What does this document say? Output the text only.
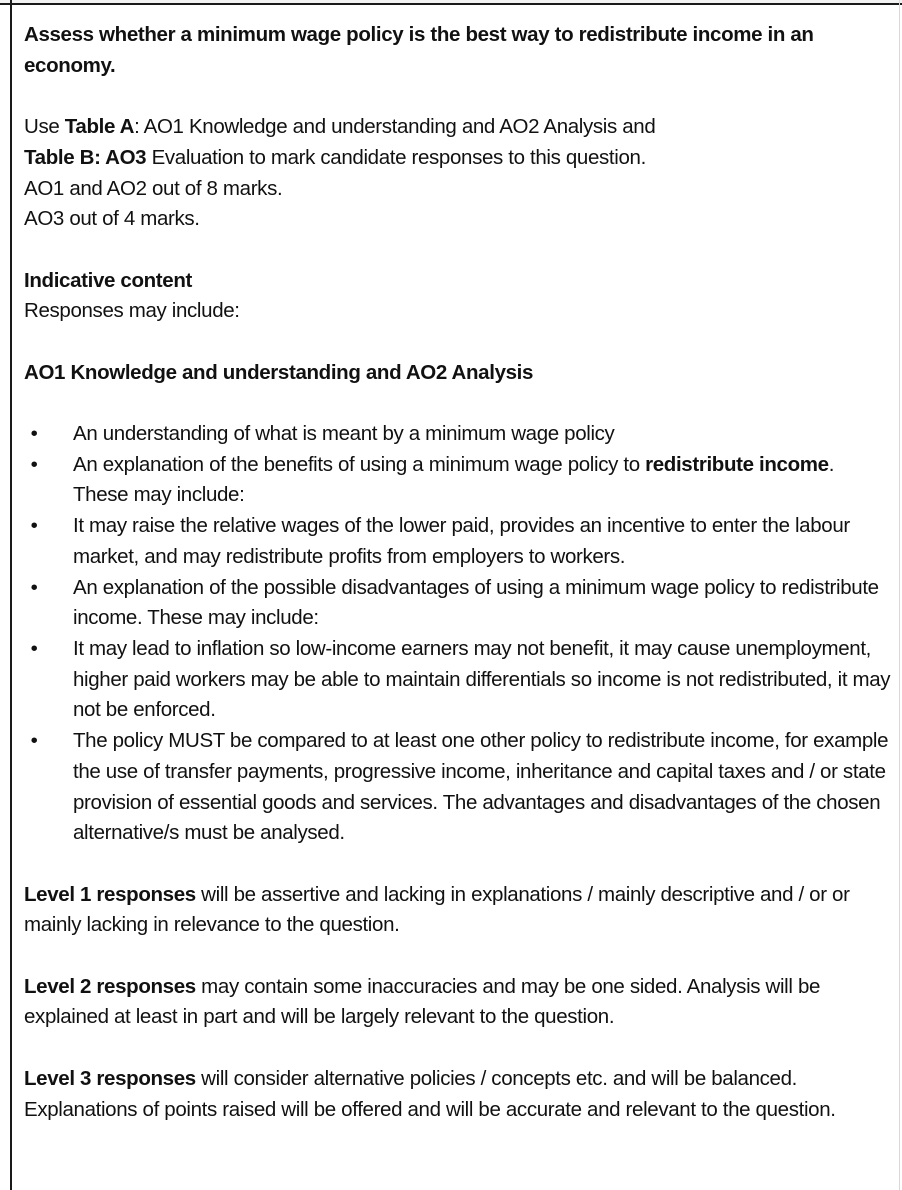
Assess whether a minimum wage policy is the best way to redistribute income in an economy.

Use Table A: AO1 Knowledge and understanding and AO2 Analysis and
Table B: AO3 Evaluation to mark candidate responses to this question.
AO1 and AO2 out of 8 marks.
AO3 out of 4 marks.

Indicative content

Responses may include:

AO1 Knowledge and understanding and AO2 Analysis

• An understanding of what is meant by a minimum wage policy
• An explanation of the benefits of using a minimum wage policy to redistribute income. These may include:
• It may raise the relative wages of the lower paid, provides an incentive to enter the labour market, and may redistribute profits from employers to workers.
• An explanation of the possible disadvantages of using a minimum wage policy to redistribute income. These may include:
• It may lead to inflation so low-income earners may not benefit, it may cause unemployment, higher paid workers may be able to maintain differentials so income is not redistributed, it may not be enforced.
• The policy MUST be compared to at least one other policy to redistribute income, for example the use of transfer payments, progressive income, inheritance and capital taxes and / or state provision of essential goods and services. The advantages and disadvantages of the chosen alternative/s must be analysed.

Level 1 responses will be assertive and lacking in explanations / mainly descriptive and / or or mainly lacking in relevance to the question.

Level 2 responses may contain some inaccuracies and may be one sided. Analysis will be explained at least in part and will be largely relevant to the question.

Level 3 responses will consider alternative policies / concepts etc. and will be balanced. Explanations of points raised will be offered and will be accurate and relevant to the question.
